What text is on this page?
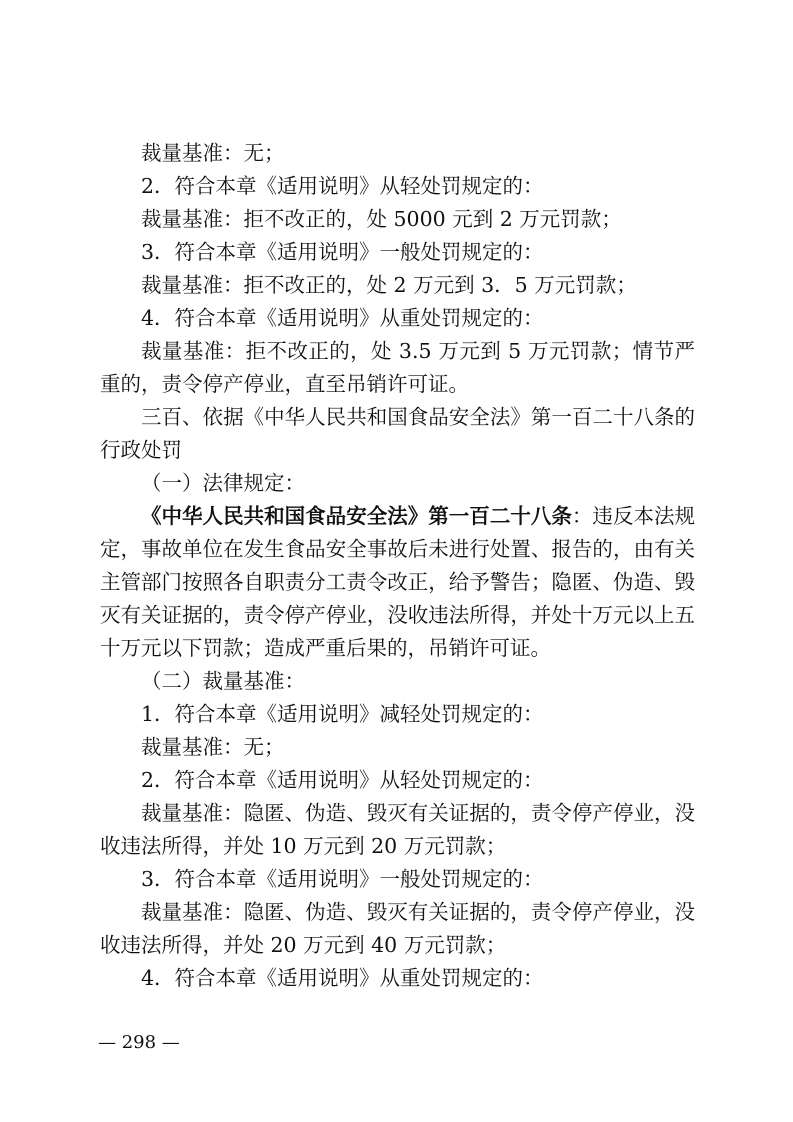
裁量基准：无；

2．符合本章《适用说明》从轻处罚规定的：

裁量基准：拒不改正的，处 5000 元到 2 万元罚款；

3．符合本章《适用说明》一般处罚规定的：

裁量基准：拒不改正的，处 2 万元到 3．5 万元罚款；

4．符合本章《适用说明》从重处罚规定的：

裁量基准：拒不改正的，处 3.5 万元到 5 万元罚款；情节严重的，责令停产停业，直至吊销许可证。

三百、依据《中华人民共和国食品安全法》第一百二十八条的行政处罚

（一）法律规定：

《中华人民共和国食品安全法》第一百二十八条：违反本法规定，事故单位在发生食品安全事故后未进行处置、报告的，由有关主管部门按照各自职责分工责令改正，给予警告；隐匿、伪造、毁灭有关证据的，责令停产停业，没收违法所得，并处十万元以上五十万元以下罚款；造成严重后果的，吊销许可证。

（二）裁量基准：

1．符合本章《适用说明》减轻处罚规定的：

裁量基准：无；

2．符合本章《适用说明》从轻处罚规定的：

裁量基准：隐匿、伪造、毁灭有关证据的，责令停产停业，没收违法所得，并处 10 万元到 20 万元罚款；

3．符合本章《适用说明》一般处罚规定的：

裁量基准：隐匿、伪造、毁灭有关证据的，责令停产停业，没收违法所得，并处 20 万元到 40 万元罚款；

4．符合本章《适用说明》从重处罚规定的：

— 298 —
